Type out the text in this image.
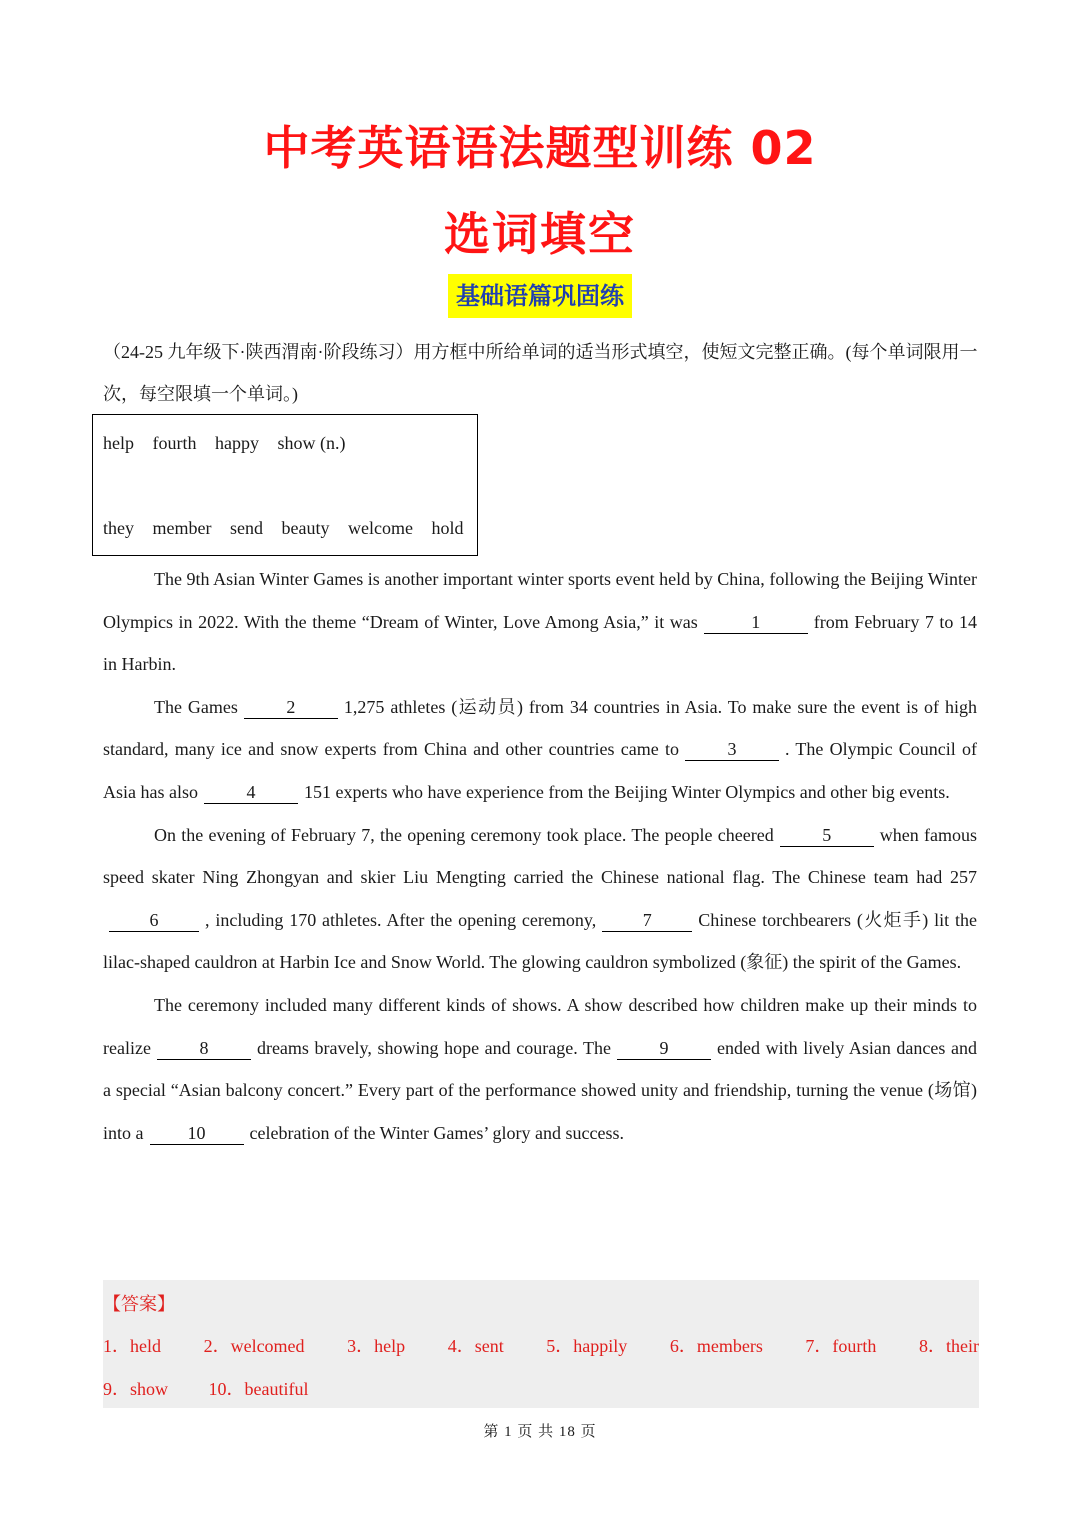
中考英语语法题型训练 02
选词填空
基础语篇巩固练
（24-25 九年级下·陕西渭南·阶段练习）用方框中所给单词的适当形式填空，使短文完整正确。(每个单词限用一次，每空限填一个单词。)
help fourth happy show (n.)
they member send beauty welcome hold

The 9th Asian Winter Games is another important winter sports event held by China, following the Beijing Winter Olympics in 2022. With the theme “Dream of Winter, Love Among Asia,” it was	1	from February 7 to 14 in Harbin.

The Games	2	1,275 athletes (运动员) from 34 countries in Asia. To make sure the event is of high standard, many ice and snow experts from China and other countries came to	3	. The Olympic Council of Asia has also	4	151 experts who have experience from the Beijing Winter Olympics and other big events.

On the evening of February 7, the opening ceremony took place. The people cheered	5	when famous speed skater Ning Zhongyan and skier Liu Mengting carried the Chinese national flag. The Chinese team had 2576	, including 170 athletes. After the opening ceremony,	7	Chinese torchbearers (火炬手) lit the lilac-shaped cauldron at Harbin Ice and Snow World. The glowing cauldron symbolized (象征) the spirit of the Games.

The ceremony included many different kinds of shows. A show described how children make up their minds to realize	8	dreams bravely, showing hope and courage. The	9	ended with lively Asian dances and a special “Asian balcony concert.” Every part of the performance showed unity and friendship, turning the venue (场馆) into a 10 celebration of the Winter Games’ glory and success.

【答案】
1．held 2．welcomed 3．help 4．sent 5．happily 6．members 7．fourth 8．their
9．show 10．beautiful
第 1 页 共 18 页
